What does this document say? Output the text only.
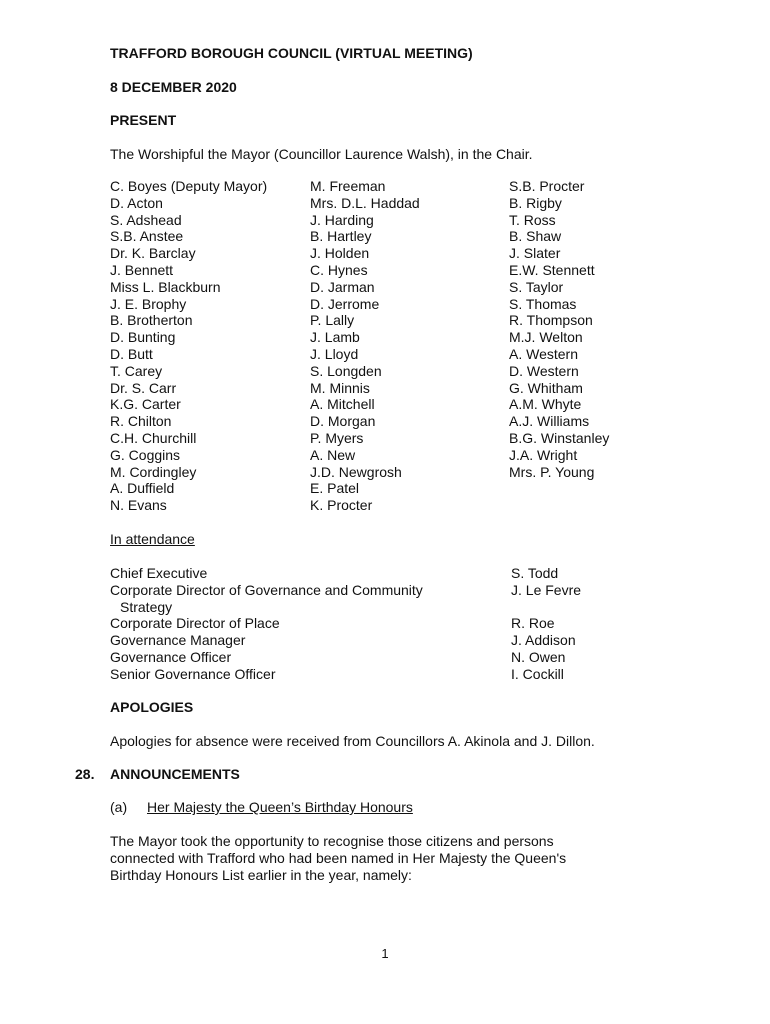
TRAFFORD BOROUGH COUNCIL (VIRTUAL MEETING)
8 DECEMBER 2020
PRESENT
The Worshipful the Mayor (Councillor Laurence Walsh), in the Chair.
C. Boyes (Deputy Mayor)
D. Acton
S. Adshead
S.B. Anstee
Dr. K. Barclay
J. Bennett
Miss L. Blackburn
J. E. Brophy
B. Brotherton
D. Bunting
D. Butt
T. Carey
Dr. S. Carr
K.G. Carter
R. Chilton
C.H. Churchill
G. Coggins
M. Cordingley
A. Duffield
N. Evans
M. Freeman
Mrs. D.L. Haddad
J. Harding
B. Hartley
J. Holden
C. Hynes
D. Jarman
D. Jerrome
P. Lally
J. Lamb
J. Lloyd
S. Longden
M. Minnis
A. Mitchell
D. Morgan
P. Myers
A. New
J.D. Newgrosh
E. Patel
K. Procter
S.B. Procter
B. Rigby
T. Ross
B. Shaw
J. Slater
E.W. Stennett
S. Taylor
S. Thomas
R. Thompson
M.J. Welton
A. Western
D. Western
G. Whitham
A.M. Whyte
A.J. Williams
B.G. Winstanley
J.A. Wright
Mrs. P. Young
In attendance
Chief Executive	S. Todd
Corporate Director of Governance and Community
Strategy
J. Le Fevre
Corporate Director of Place	R. Roe
Governance Manager	J. Addison
Governance Officer	N. Owen
Senior Governance Officer	I. Cockill
APOLOGIES
Apologies for absence were received from Councillors A. Akinola and J. Dillon.
28. ANNOUNCEMENTS
(a) Her Majesty the Queen’s Birthday Honours
The Mayor took the opportunity to recognise those citizens and persons
connected with Trafford who had been named in Her Majesty the Queen's
Birthday Honours List earlier in the year, namely:
1
